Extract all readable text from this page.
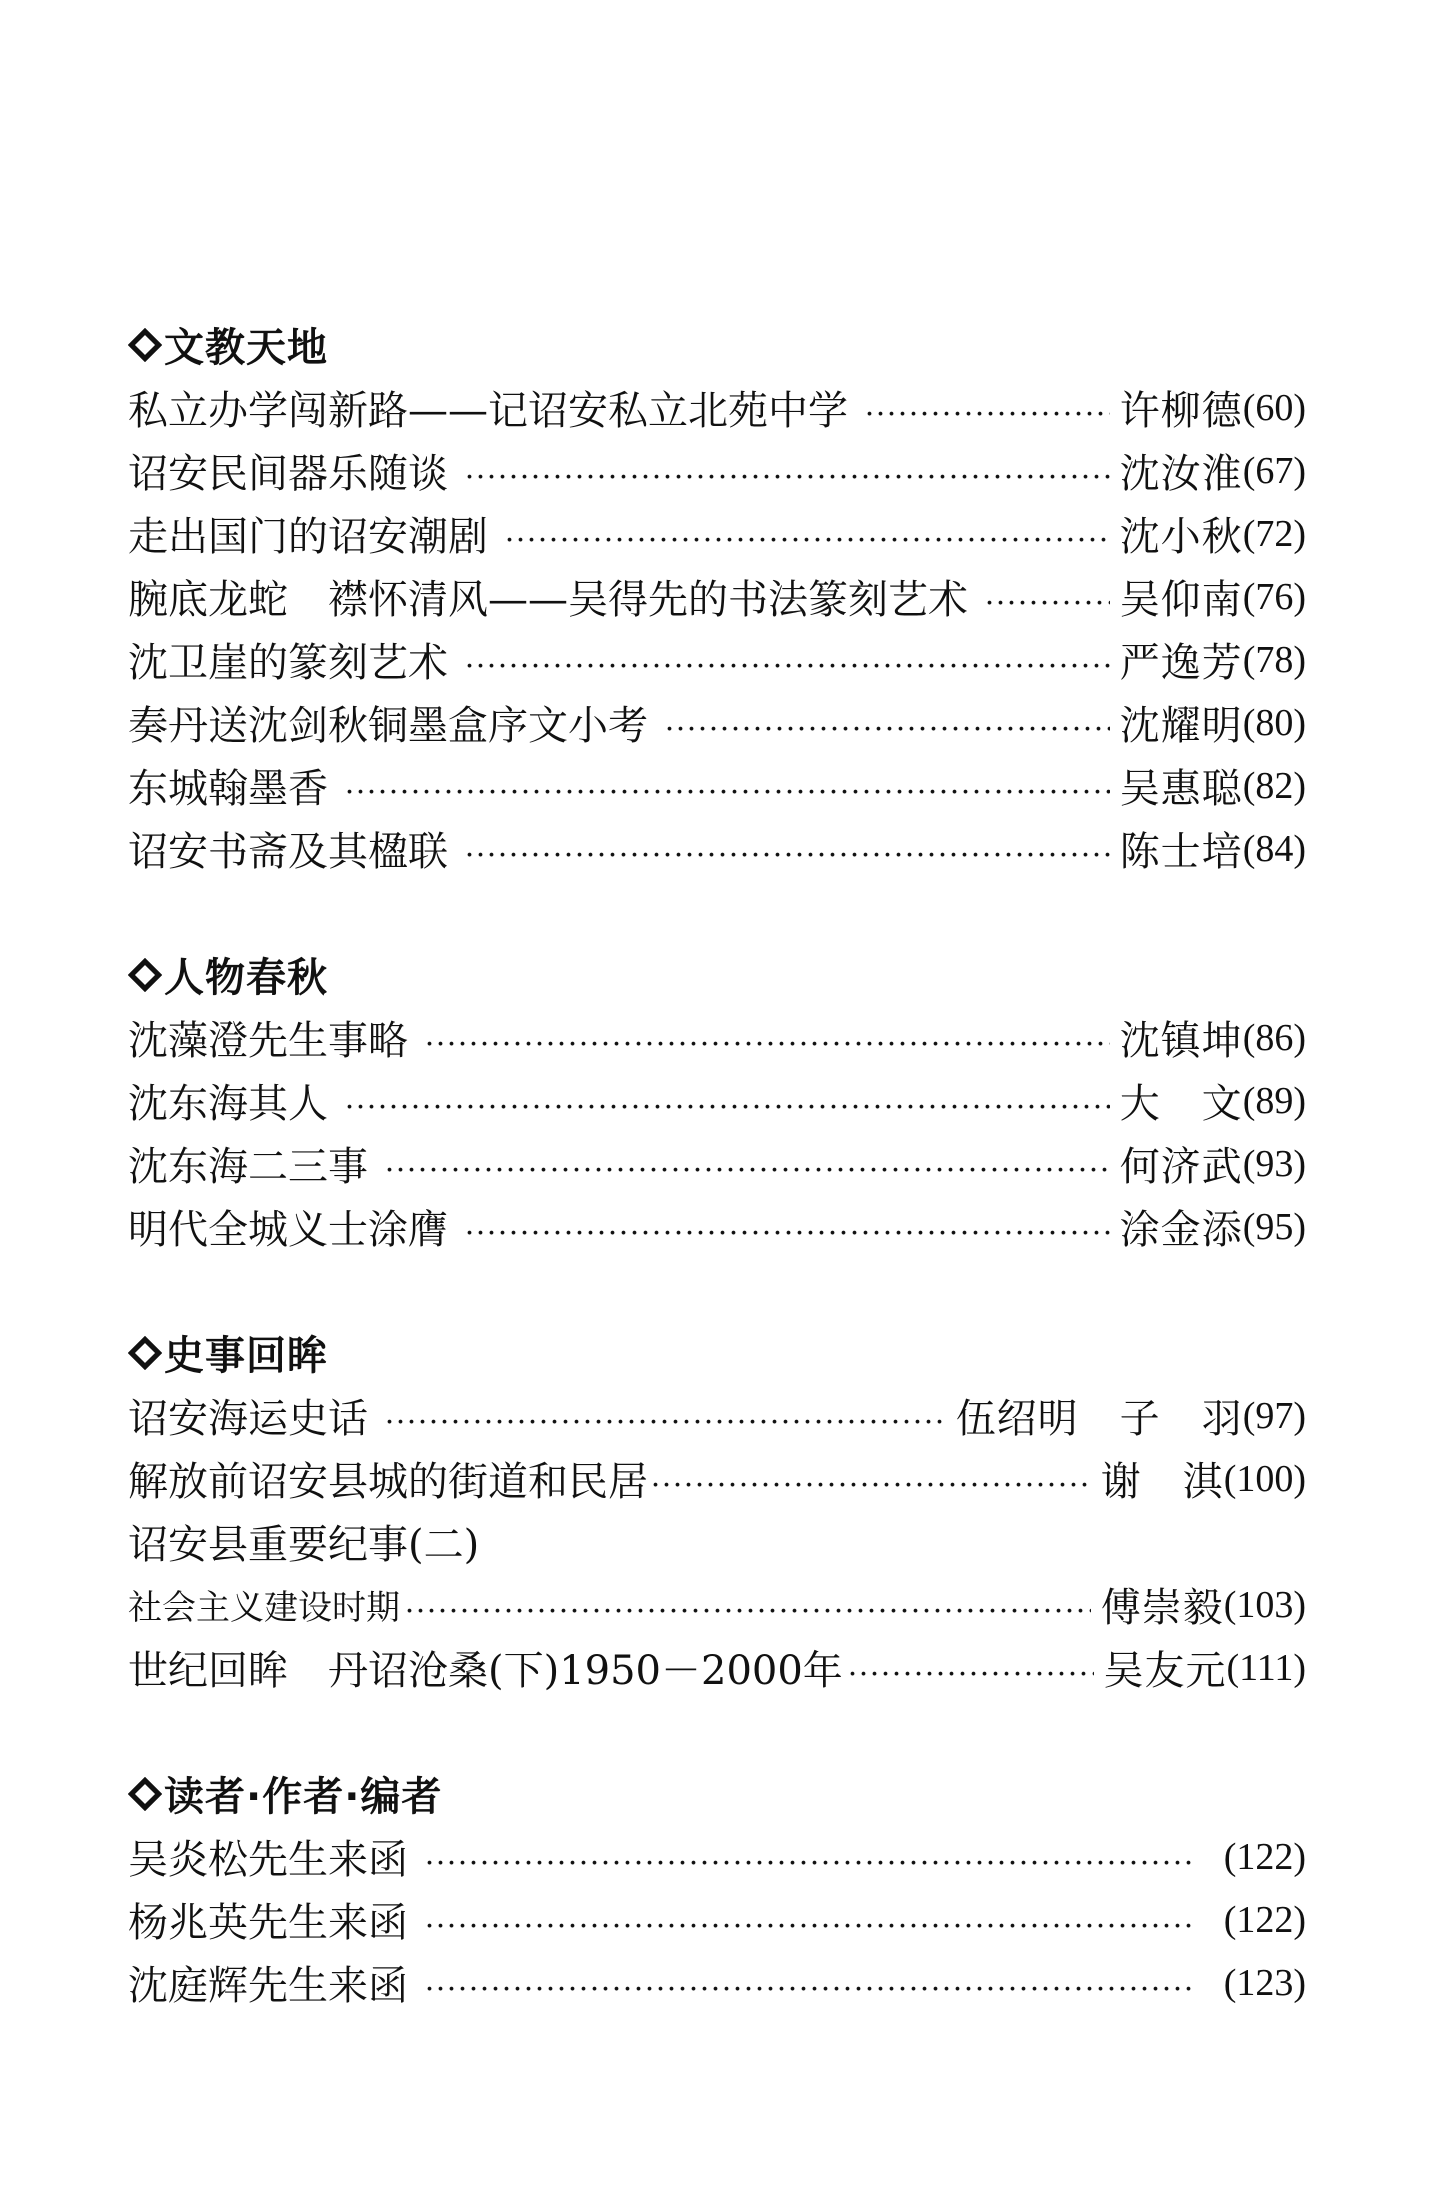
文教天地
私立办学闯新路——记诏安私立北苑中学	许柳德 (60)
诏安民间器乐随谈	沈汝淮 (67)
走出国门的诏安潮剧	沈小秋 (72)
腕底龙蛇　襟怀清风——吴得先的书法篆刻艺术	吴仰南 (76)
沈卫崖的篆刻艺术	严逸芳 (78)
奏丹送沈剑秋铜墨盒序文小考	沈耀明 (80)
东城翰墨香	吴惠聪 (82)
诏安书斋及其楹联	陈士培 (84)
人物春秋
沈藻澄先生事略	沈镇坤 (86)
沈东海其人	大　文 (89)
沈东海二三事	何济武 (93)
明代全城义士涂膺	涂金添 (95)
史事回眸
诏安海运史话	伍绍明　子　羽 (97)
解放前诏安县城的街道和民居	谢　淇 (100)
诏安县重要纪事(二)
社会主义建设时期	傅崇毅 (103)
世纪回眸　丹诏沧桑(下)1950－2000年	吴友元 (111)
读者·作者·编者
吴炎松先生来函	(122)
杨兆英先生来函	(122)
沈庭辉先生来函	(123)
